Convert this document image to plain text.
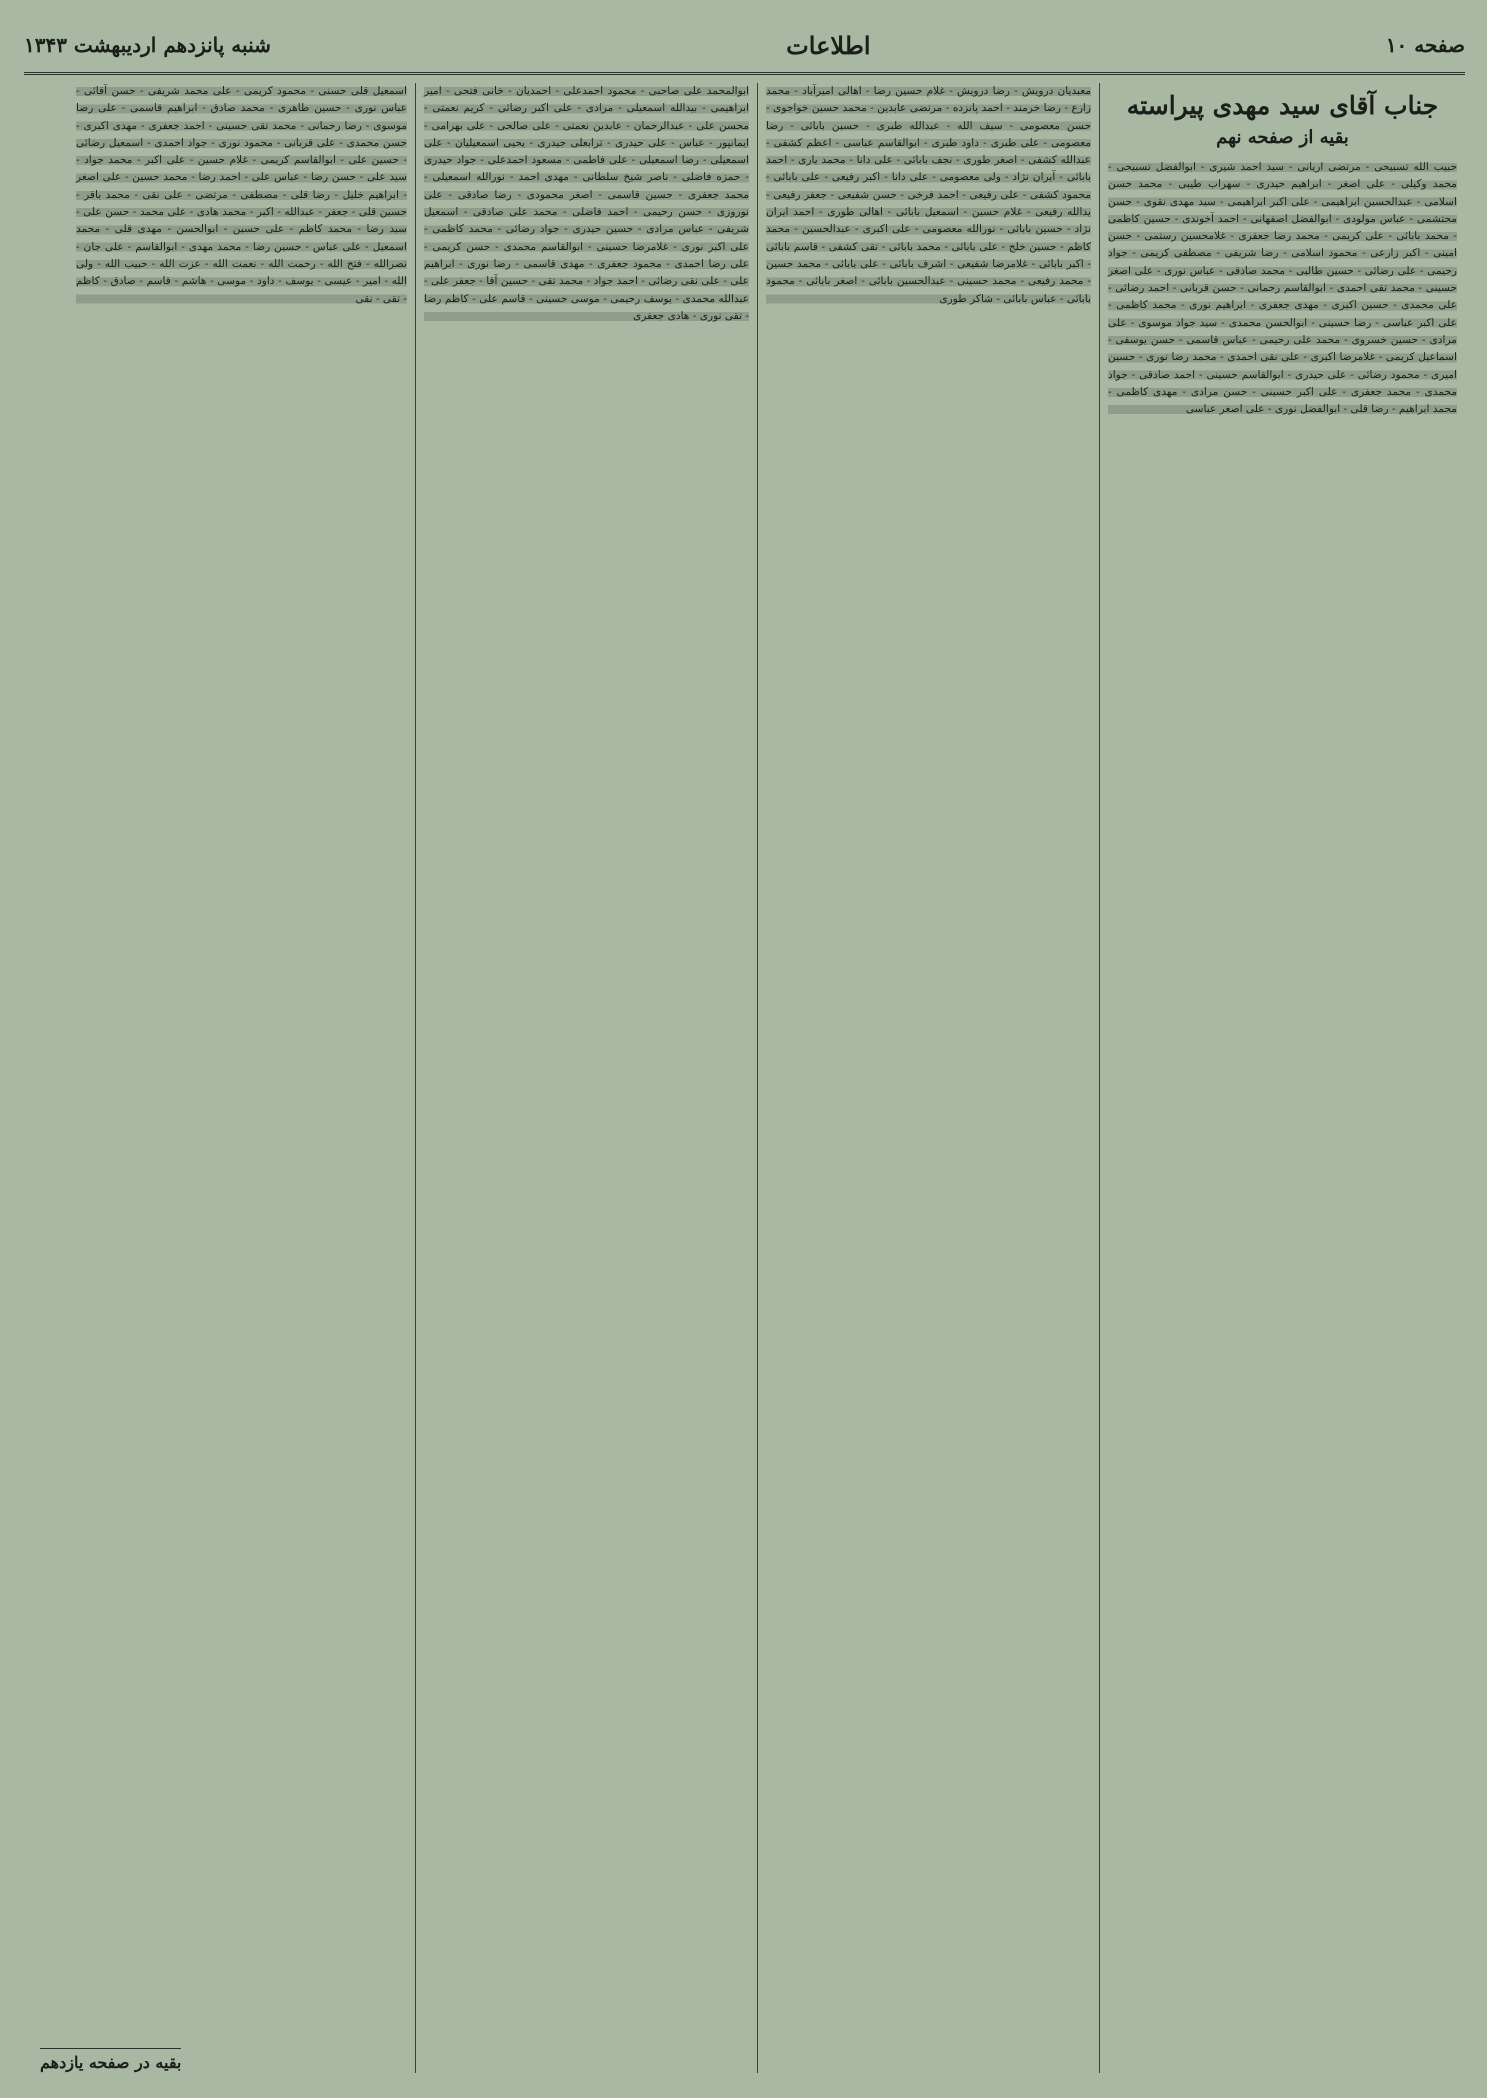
صفحه ۱۰
اطلاعات
شنبه پانزدهم اردیبهشت ۱۳۴۳
جناب آقای سید مهدی پیراسته
بقیه از صفحه نهم

حبیب الله تسبیحی - مرتضی اریانی - سید احمد شیری - ابوالفضل تسبیحی - محمد وکیلی - علی اصغر - ابراهیم حیدری - سهراب طیبی - محمد حسن اسلامی - عبدالحسین ابراهیمی - علی اکبر ابراهیمی - سید مهدی نقوی - حسن محتشمی - عباس مولودی - ابوالفضل اصفهانی - احمد آخوندی - حسین کاظمی - محمد بابائی - علی کریمی - محمد رضا جعفری - غلامحسین رستمی - حسن امینی - اکبر زارعی - محمود اسلامی - رضا شریفی - مصطفی کریمی - جواد رحیمی - علی رضائی - حسین طالبی - محمد صادقی - عباس نوری - علی اصغر حسینی - محمد تقی احمدی - ابوالقاسم رحمانی - حسن قربانی - احمد رضائی - علی محمدی - حسین اکبری - مهدی جعفری - ابراهیم نوری - محمد کاظمی - علی اکبر عباسی - رضا حسینی - ابوالحسن محمدی - سید جواد موسوی - علی مرادی - حسین خسروی - محمد علی رحیمی - عباس قاسمی - حسن یوسفی - اسماعیل کریمی - غلامرضا اکبری - علی نقی احمدی - محمد رضا نوری - حسین امیری - محمود رضائی - علی حیدری - ابوالقاسم حسینی - احمد صادقی - جواد محمدی - محمد جعفری - علی اکبر حسینی - حسن مرادی - مهدی کاظمی - محمد ابراهیم - رضا قلی - ابوالفضل نوری - علی اصغر عباسی

معبدیان درویش - رضا درویش - غلام حسین رضا - اهالی امیرآباد - محمد زارع - رضا خرمند - احمد پانزده - مرتضی عابدین - محمد حسین خواجوی - حسن معصومی - سیف الله - عبدالله طبری - حسین بابائی - رضا معصومی - علی طبری - داود طبری - ابوالقاسم عباسی - اعظم کشفی - عبدالله کشفی - اصغر طوری - نجف بابائی - علی دانا - محمد یاری - احمد بابائی - آیران نژاد - ولی معصومی - علی دانا - اکبر رفیعی - علی بابائی - محمود کشفی - علی رفیعی - احمد فرخی - حسن شفیعی - جعفر رفیعی - یدالله رفیعی - غلام حسین - اسمعیل بابائی - اهالی طوری - احمد ایران نژاد - حسین بابائی - نورالله معصومی - علی اکبری - عبدالحسین - محمد کاظم - حسین خلج - علی بابائی - محمد بابائی - تقی کشفی - قاسم بابائی - اکبر بابائی - غلامرضا شفیعی - اشرف بابائی - علی بابائی - محمد حسین - محمد رفیعی - محمد حسینی - عبدالحسین بابائی - اصغر بابائی - محمود بابائی - عباس بابائی - شاکر طوری

ابوالمحمد علی صاحبی - محمود احمدعلی - احمدیان - خانی فتحی - امیر ابراهیمی - بیدالله اسمعیلی - مرادی - علی اکبر رضائی - کریم نعمتی - محسن علی - عبدالرحمان - عابدین نعمتی - علی صالحی - علی بهرامی - ایمانپور - عباس - علی حیدری - ترابعلی جیدری - یحیی اسمعیلیان - علی اسمعیلی - رضا اسمعیلی - علی فاطمی - مسعود احمدعلی - جواد حیدری - حمزه فاضلی - ناصر شیخ سلطانی - مهدی احمد - نورالله اسمعیلی - محمد جعفری - حسین قاسمی - اصغر محمودی - رضا صادقی - علی نوروزی - حسن رحیمی - احمد فاضلی - محمد علی صادقی - اسمعیل شریفی - عباس مرادی - حسین حیدری - جواد رضائی - محمد کاظمی - علی اکبر نوری - غلامرضا حسینی - ابوالقاسم محمدی - حسن کریمی - علی رضا احمدی - محمود جعفری - مهدی قاسمی - رضا نوری - ابراهیم علی - علی نقی رضائی - احمد جواد - محمد تقی - حسین آقا - جعفر علی - عبدالله محمدی - یوسف رحیمی - موسی حسینی - قاسم علی - کاظم رضا - تقی نوری - هادی جعفری

اسمعیل قلی حسنی - محمود کریمی - علی محمد شریفی - حسن آقائی - عباس نوری - حسین طاهری - محمد صادق - ابراهیم قاسمی - علی رضا موسوی - رضا رحمانی - محمد تقی حسینی - احمد جعفری - مهدی اکبری - حسن محمدی - علی قربانی - محمود نوری - جواد احمدی - اسمعیل رضائی - حسین علی - ابوالقاسم کریمی - غلام حسین - علی اکبر - محمد جواد - سید علی - حسن رضا - عباس علی - احمد رضا - محمد حسین - علی اصغر - ابراهیم خلیل - رضا قلی - مصطفی - مرتضی - علی نقی - محمد باقر - حسین قلی - جعفر - عبدالله - اکبر - محمد هادی - علی محمد - حسن علی - سید رضا - محمد کاظم - علی حسین - ابوالحسن - مهدی قلی - محمد اسمعیل - علی عباس - حسین رضا - محمد مهدی - ابوالقاسم - علی جان - نصرالله - فتح الله - رحمت الله - نعمت الله - عزت الله - حبیب الله - ولی الله - امیر - عیسی - یوسف - داود - موسی - هاشم - قاسم - صادق - کاظم - تقی - نقی

بقیه در صفحه یازدهم
